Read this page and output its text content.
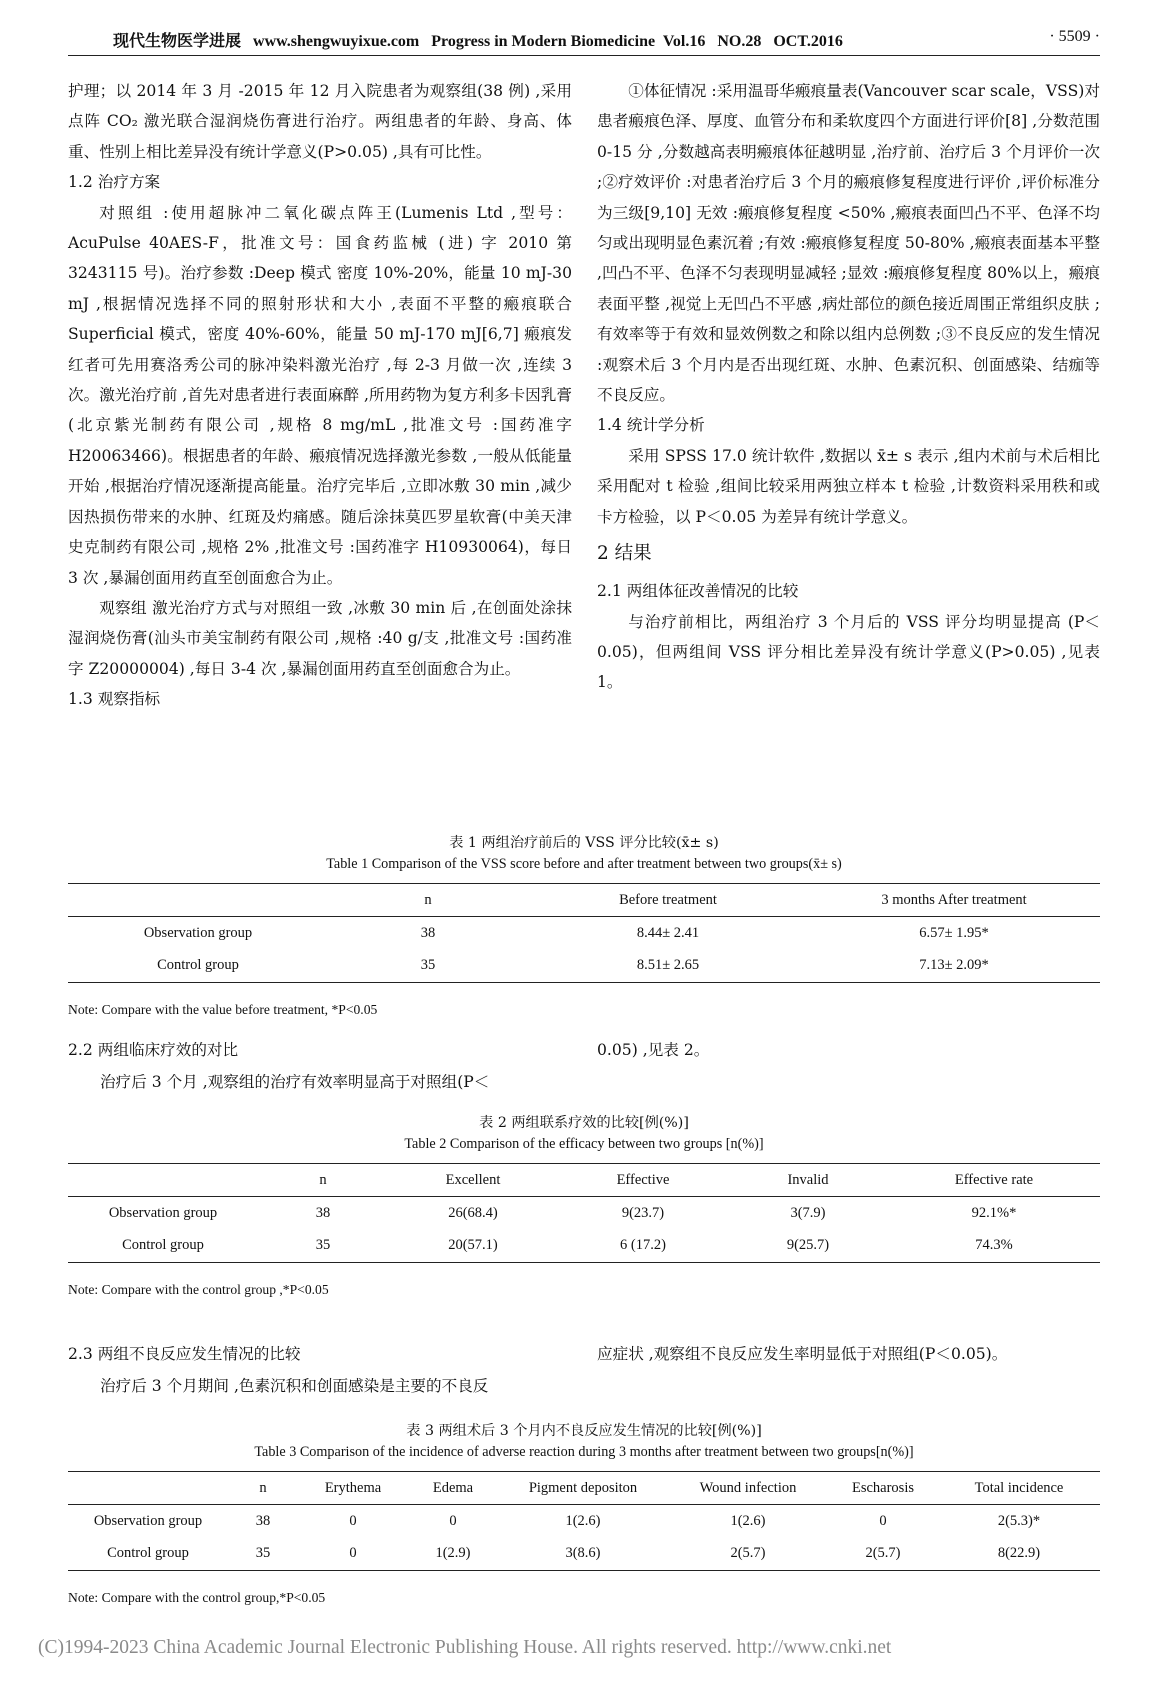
现代生物医学进展 www.shengwuyixue.com Progress in Modern Biomedicine Vol.16 NO.28 OCT.2016	· 5509 ·

护理；以 2014 年 3 月 -2015 年 12 月入院患者为观察组(38 例) ,采用点阵 CO₂ 激光联合湿润烧伤膏进行治疗。两组患者的年龄、身高、体重、性别上相比差异没有统计学意义(P>0.05) ,具有可比性。

1.2 治疗方案

对照组 :使用超脉冲二氧化碳点阵王(Lumenis Ltd ,型号：AcuPulse 40AES-F，批准文号：国食药监械 (进) 字 2010 第 3243115 号)。治疗参数 :Deep 模式 密度 10%-20%，能量 10 mJ-30 mJ ,根据情况选择不同的照射形状和大小 ,表面不平整的瘢痕联合 Superficial 模式，密度 40%-60%，能量 50 mJ-170 mJ[6,7] 瘢痕发红者可先用赛洛秀公司的脉冲染料激光治疗 ,每 2-3 月做一次 ,连续 3 次。激光治疗前 ,首先对患者进行表面麻醉 ,所用药物为复方利多卡因乳膏(北京紫光制药有限公司 ,规格 8 mg/mL ,批准文号 :国药准字 H20063466)。根据患者的年龄、瘢痕情况选择激光参数 ,一般从低能量开始 ,根据治疗情况逐渐提高能量。治疗完毕后 ,立即冰敷 30 min ,减少因热损伤带来的水肿、红斑及灼痛感。随后涂抹莫匹罗星软膏(中美天津史克制药有限公司 ,规格 2% ,批准文号 :国药准字 H10930064)，每日 3 次 ,暴漏创面用药直至创面愈合为止。

观察组 激光治疗方式与对照组一致 ,冰敷 30 min 后 ,在创面处涂抹湿润烧伤膏(汕头市美宝制药有限公司 ,规格 :40 g/支 ,批准文号 :国药准字 Z20000004) ,每日 3-4 次 ,暴漏创面用药直至创面愈合为止。

1.3 观察指标

①体征情况 :采用温哥华瘢痕量表(Vancouver scar scale，VSS)对患者瘢痕色泽、厚度、血管分布和柔软度四个方面进行评价[8] ,分数范围 0-15 分 ,分数越高表明瘢痕体征越明显 ,治疗前、治疗后 3 个月评价一次 ;②疗效评价 :对患者治疗后 3 个月的瘢痕修复程度进行评价 ,评价标准分为三级[9,10] 无效 :瘢痕修复程度 <50% ,瘢痕表面凹凸不平、色泽不均匀或出现明显色素沉着 ;有效 :瘢痕修复程度 50-80% ,瘢痕表面基本平整 ,凹凸不平、色泽不匀表现明显减轻 ;显效 :瘢痕修复程度 80%以上，瘢痕表面平整 ,视觉上无凹凸不平感 ,病灶部位的颜色接近周围正常组织皮肤 ;有效率等于有效和显效例数之和除以组内总例数 ;③不良反应的发生情况 :观察术后 3 个月内是否出现红斑、水肿、色素沉积、创面感染、结痂等不良反应。

1.4 统计学分析

采用 SPSS 17.0 统计软件 ,数据以 x̄± s 表示 ,组内术前与术后相比采用配对 t 检验 ,组间比较采用两独立样本 t 检验 ,计数资料采用秩和或卡方检验，以 P＜0.05 为差异有统计学意义。

2 结果
2.1 两组体征改善情况的比较

与治疗前相比，两组治疗 3 个月后的 VSS 评分均明显提高 (P＜0.05)，但两组间 VSS 评分相比差异没有统计学意义(P>0.05) ,见表 1。

表 1 两组治疗前后的 VSS 评分比较(x̄± s)
Table 1 Comparison of the VSS score before and after treatment between two groups(x̄± s)
	n	Before treatment	3 months After treatment
Observation group	38	8.44± 2.41	6.57± 1.95*
Control group	35	8.51± 2.65	7.13± 2.09*
Note: Compare with the value before treatment, *P<0.05
2.2 两组临床疗效的对比
治疗后 3 个月 ,观察组的治疗有效率明显高于对照组(P＜
0.05) ,见表 2。
表 2 两组联系疗效的比较[例(%)]
Table 2 Comparison of the efficacy between two groups [n(%)]
	n	Excellent	Effective	Invalid	Effective rate
Observation group	38	26(68.4)	9(23.7)	3(7.9)	92.1%*
Control group	35	20(57.1)	6 (17.2)	9(25.7)	74.3%
Note: Compare with the control group ,*P<0.05
2.3 两组不良反应发生情况的比较
治疗后 3 个月期间 ,色素沉积和创面感染是主要的不良反
应症状 ,观察组不良反应发生率明显低于对照组(P＜0.05)。
表 3 两组术后 3 个月内不良反应发生情况的比较[例(%)]
Table 3 Comparison of the incidence of adverse reaction during 3 months after treatment between two groups[n(%)]
	n	Erythema	Edema	Pigment depositon	Wound infection	Escharosis	Total incidence
Observation group	38	0	0	1(2.6)	1(2.6)	0	2(5.3)*
Control group	35	0	1(2.9)	3(8.6)	2(5.7)	2(5.7)	8(22.9)
Note: Compare with the control group,*P<0.05
(C)1994-2023 China Academic Journal Electronic Publishing House. All rights reserved. http://www.cnki.net
